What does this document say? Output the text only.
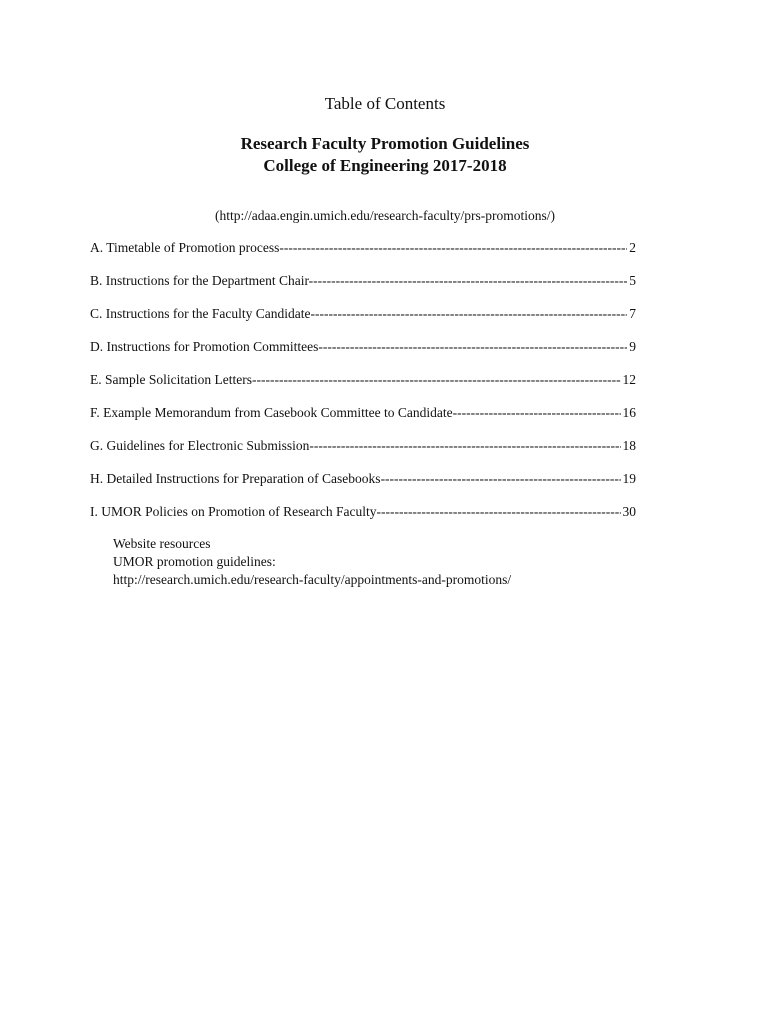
Table of Contents
Research Faculty Promotion Guidelines
College of Engineering 2017-2018
(http://adaa.engin.umich.edu/research-faculty/prs-promotions/)
A. Timetable of Promotion process -----	2
B. Instructions for the Department Chair- -----	5
C. Instructions for the Faculty Candidate -----	7
D. Instructions for Promotion Committees- -----	9
E. Sample Solicitation Letters -----	12
F. Example Memorandum from Casebook Committee to Candidate -----	16
G. Guidelines for Electronic Submission- -----	18
H. Detailed Instructions for Preparation of Casebooks -----	19
I. UMOR Policies on Promotion of Research Faculty -----	30
Website resources
UMOR promotion guidelines:
http://research.umich.edu/research-faculty/appointments-and-promotions/
